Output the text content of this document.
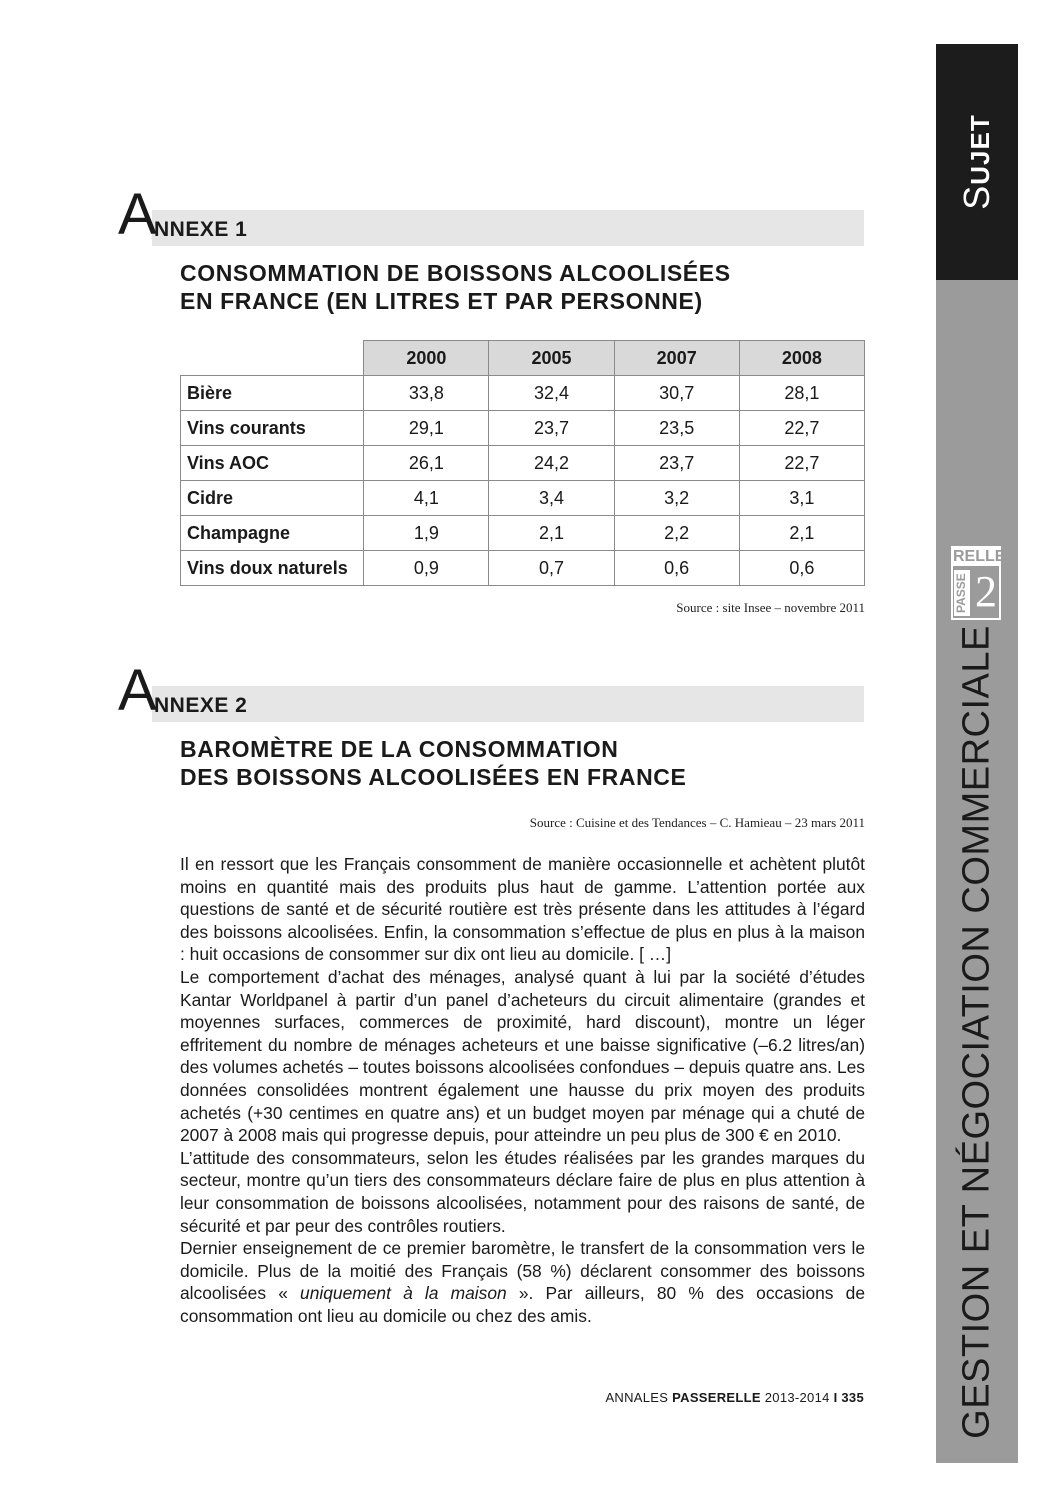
SUJET
RELLE
PASSE 2
GESTION ET NÉGOCIATION COMMERCIALE
A
NNEXE 1
CONSOMMATION DE BOISSONS ALCOOLISÉES
EN FRANCE (EN LITRES ET PAR PERSONNE)
	2000	2005	2007	2008
Bière	33,8	32,4	30,7	28,1
Vins courants	29,1	23,7	23,5	22,7
Vins AOC	26,1	24,2	23,7	22,7
Cidre	4,1	3,4	3,2	3,1
Champagne	1,9	2,1	2,2	2,1
Vins doux naturels	0,9	0,7	0,6	0,6
Source : site Insee – novembre 2011
A
NNEXE 2
BAROMÈTRE DE LA CONSOMMATION
DES BOISSONS ALCOOLISÉES EN FRANCE
Source : Cuisine et des Tendances – C. Hamieau – 23 mars 2011

Il en ressort que les Français consomment de manière occasionnelle et achètent plutôt moins en quantité mais des produits plus haut de gamme. L’attention portée aux questions de santé et de sécurité routière est très présente dans les attitudes à l’égard des boissons alcoolisées. Enfin, la consommation s’effectue de plus en plus à la maison : huit occasions de consommer sur dix ont lieu au domicile. [ …]

Le comportement d’achat des ménages, analysé quant à lui par la société d’études Kantar Worldpanel à partir d’un panel d’acheteurs du circuit alimentaire (grandes et moyennes surfaces, commerces de proximité, hard discount), montre un léger effritement du nombre de ménages acheteurs et une baisse significative (–6.2 litres/an) des volumes achetés – toutes boissons alcoolisées confondues – depuis quatre ans. Les données consolidées montrent également une hausse du prix moyen des produits achetés (+30 centimes en quatre ans) et un budget moyen par ménage qui a chuté de 2007 à 2008 mais qui progresse depuis, pour atteindre un peu plus de 300 € en 2010.

L’attitude des consommateurs, selon les études réalisées par les grandes marques du secteur, montre qu’un tiers des consommateurs déclare faire de plus en plus attention à leur consommation de boissons alcoolisées, notamment pour des raisons de santé, de sécurité et par peur des contrôles routiers.

Dernier enseignement de ce premier baromètre, le transfert de la consommation vers le domicile. Plus de la moitié des Français (58 %) déclarent consommer des boissons alcoolisées « uniquement à la maison ». Par ailleurs, 80 % des occasions de consommation ont lieu au domicile ou chez des amis.

ANNALES PASSERELLE 2013-2014 I 335
